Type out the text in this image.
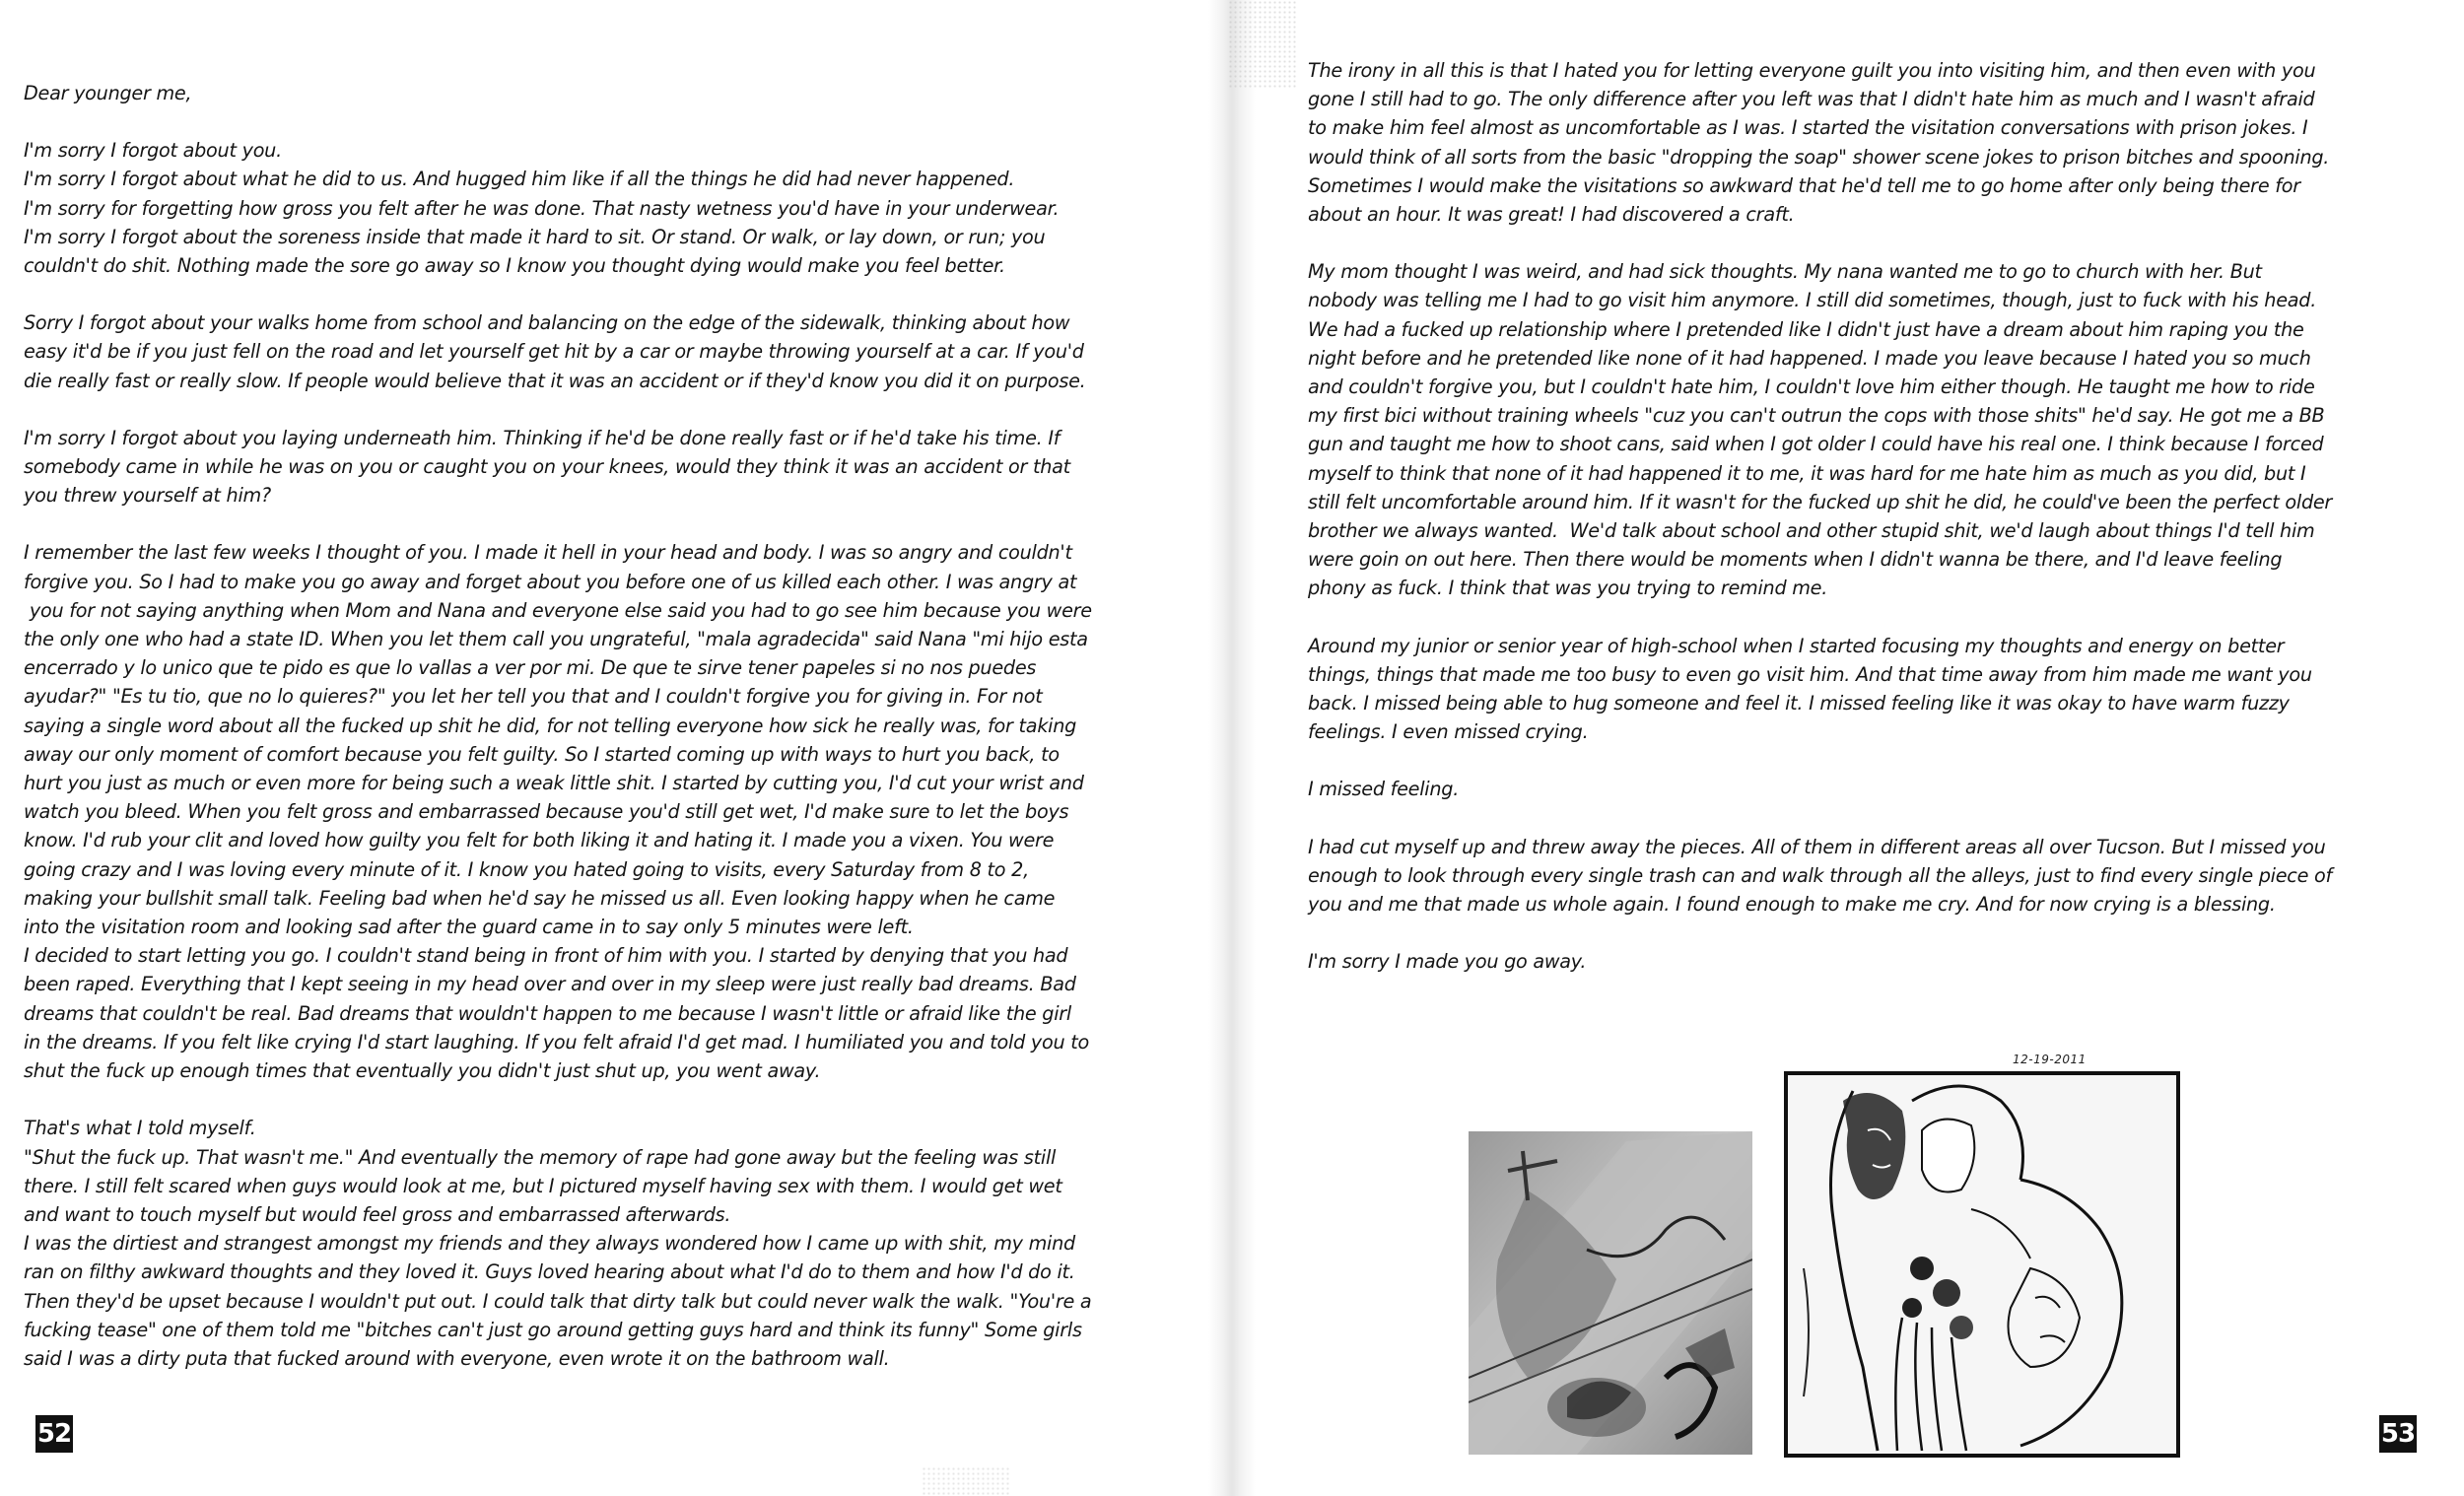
Dear younger me,

I'm sorry I forgot about you.

I'm sorry I forgot about what he did to us. And hugged him like if all the things he did had never happened.

I'm sorry for forgetting how gross you felt after he was done. That nasty wetness you'd have in your underwear.

I'm sorry I forgot about the soreness inside that made it hard to sit. Or stand. Or walk, or lay down, or run; you

couldn't do shit. Nothing made the sore go away so I know you thought dying would make you feel better.

Sorry I forgot about your walks home from school and balancing on the edge of the sidewalk, thinking about how

easy it'd be if you just fell on the road and let yourself get hit by a car or maybe throwing yourself at a car. If you'd

die really fast or really slow. If people would believe that it was an accident or if they'd know you did it on purpose.

I'm sorry I forgot about you laying underneath him. Thinking if he'd be done really fast or if he'd take his time. If

somebody came in while he was on you or caught you on your knees, would they think it was an accident or that

you threw yourself at him?

I remember the last few weeks I thought of you. I made it hell in your head and body. I was so angry and couldn't

forgive you. So I had to make you go away and forget about you before one of us killed each other. I was angry at

you for not saying anything when Mom and Nana and everyone else said you had to go see him because you were

the only one who had a state ID. When you let them call you ungrateful, "mala agradecida" said Nana "mi hijo esta

encerrado y lo unico que te pido es que lo vallas a ver por mi. De que te sirve tener papeles si no nos puedes

ayudar?" "Es tu tio, que no lo quieres?" you let her tell you that and I couldn't forgive you for giving in. For not

saying a single word about all the fucked up shit he did, for not telling everyone how sick he really was, for taking

away our only moment of comfort because you felt guilty. So I started coming up with ways to hurt you back, to

hurt you just as much or even more for being such a weak little shit. I started by cutting you, I'd cut your wrist and

watch you bleed. When you felt gross and embarrassed because you'd still get wet, I'd make sure to let the boys

know. I'd rub your clit and loved how guilty you felt for both liking it and hating it. I made you a vixen. You were

going crazy and I was loving every minute of it. I know you hated going to visits, every Saturday from 8 to 2,

making your bullshit small talk. Feeling bad when he'd say he missed us all. Even looking happy when he came

into the visitation room and looking sad after the guard came in to say only 5 minutes were left.

I decided to start letting you go. I couldn't stand being in front of him with you. I started by denying that you had

been raped. Everything that I kept seeing in my head over and over in my sleep were just really bad dreams. Bad

dreams that couldn't be real. Bad dreams that wouldn't happen to me because I wasn't little or afraid like the girl

in the dreams. If you felt like crying I'd start laughing. If you felt afraid I'd get mad. I humiliated you and told you to

shut the fuck up enough times that eventually you didn't just shut up, you went away.

That's what I told myself.

"Shut the fuck up. That wasn't me." And eventually the memory of rape had gone away but the feeling was still

there. I still felt scared when guys would look at me, but I pictured myself having sex with them. I would get wet

and want to touch myself but would feel gross and embarrassed afterwards.

I was the dirtiest and strangest amongst my friends and they always wondered how I came up with shit, my mind

ran on filthy awkward thoughts and they loved it. Guys loved hearing about what I'd do to them and how I'd do it.

Then they'd be upset because I wouldn't put out. I could talk that dirty talk but could never walk the walk. "You're a

fucking tease" one of them told me "bitches can't just go around getting guys hard and think its funny" Some girls

said I was a dirty puta that fucked around with everyone, even wrote it on the bathroom wall.

The irony in all this is that I hated you for letting everyone guilt you into visiting him, and then even with you

gone I still had to go. The only difference after you left was that I didn't hate him as much and I wasn't afraid

to make him feel almost as uncomfortable as I was. I started the visitation conversations with prison jokes. I

would think of all sorts from the basic "dropping the soap" shower scene jokes to prison bitches and spooning.

Sometimes I would make the visitations so awkward that he'd tell me to go home after only being there for

about an hour. It was great! I had discovered a craft.

My mom thought I was weird, and had sick thoughts. My nana wanted me to go to church with her. But

nobody was telling me I had to go visit him anymore. I still did sometimes, though, just to fuck with his head.

We had a fucked up relationship where I pretended like I didn't just have a dream about him raping you the

night before and he pretended like none of it had happened. I made you leave because I hated you so much

and couldn't forgive you, but I couldn't hate him, I couldn't love him either though. He taught me how to ride

my first bici without training wheels "cuz you can't outrun the cops with those shits" he'd say. He got me a BB

gun and taught me how to shoot cans, said when I got older I could have his real one. I think because I forced

myself to think that none of it had happened it to me, it was hard for me hate him as much as you did, but I

still felt uncomfortable around him. If it wasn't for the fucked up shit he did, he could've been the perfect older

brother we always wanted.  We'd talk about school and other stupid shit, we'd laugh about things I'd tell him

were goin on out here. Then there would be moments when I didn't wanna be there, and I'd leave feeling

phony as fuck. I think that was you trying to remind me.

Around my junior or senior year of high-school when I started focusing my thoughts and energy on better

things, things that made me too busy to even go visit him. And that time away from him made me want you

back. I missed being able to hug someone and feel it. I missed feeling like it was okay to have warm fuzzy

feelings. I even missed crying.

I missed feeling.

I had cut myself up and threw away the pieces. All of them in different areas all over Tucson. But I missed you

enough to look through every single trash can and walk through all the alleys, just to find every single piece of

you and me that made us whole again. I found enough to make me cry. And for now crying is a blessing.

I'm sorry I made you go away.

52	53
12-19-2011
